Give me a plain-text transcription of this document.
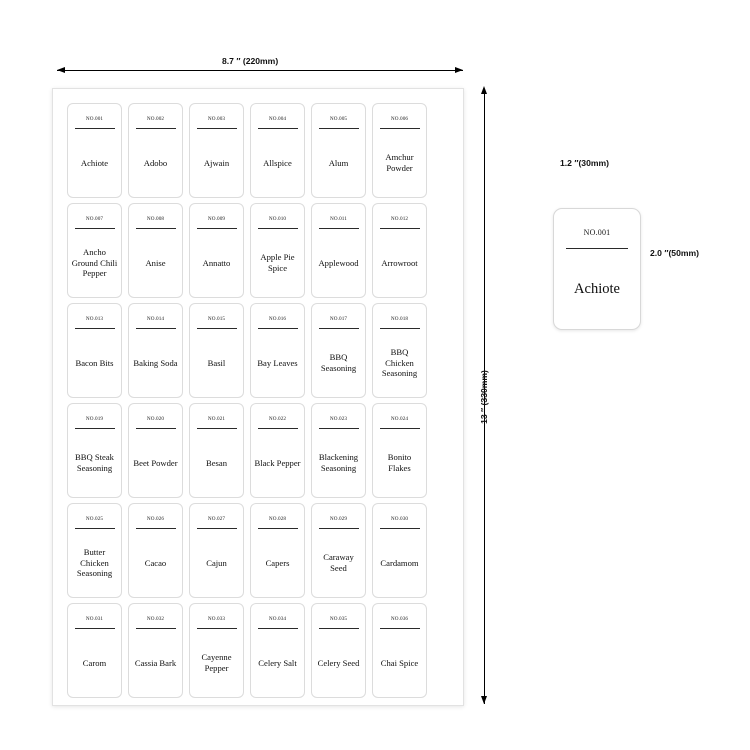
NO.001
Achiote
NO.002
Adobo
NO.003
Ajwain
NO.004
Allspice
NO.005
Alum
NO.006
Amchur Powder
NO.007
Ancho Ground Chili Pepper
NO.008
Anise
NO.009
Annatto
NO.010
Apple Pie Spice
NO.011
Applewood
NO.012
Arrowroot
NO.013
Bacon Bits
NO.014
Baking Soda
NO.015
Basil
NO.016
Bay Leaves
NO.017
BBQ Seasoning
NO.018
BBQ Chicken Seasoning
NO.019
BBQ Steak Seasoning
NO.020
Beet Powder
NO.021
Besan
NO.022
Black Pepper
NO.023
Blackening Seasoning
NO.024
Bonito Flakes
NO.025
Butter Chicken Seasoning
NO.026
Cacao
NO.027
Cajun
NO.028
Capers
NO.029
Caraway Seed
NO.030
Cardamom
NO.031
Carom
NO.032
Cassia Bark
NO.033
Cayenne Pepper
NO.034
Celery Salt
NO.035
Celery Seed
NO.036
Chai Spice
NO.001
Achiote
8.7 ″ (220mm)
13 ″ (330mm)
1.2 ″(30mm)
2.0 ″(50mm)
